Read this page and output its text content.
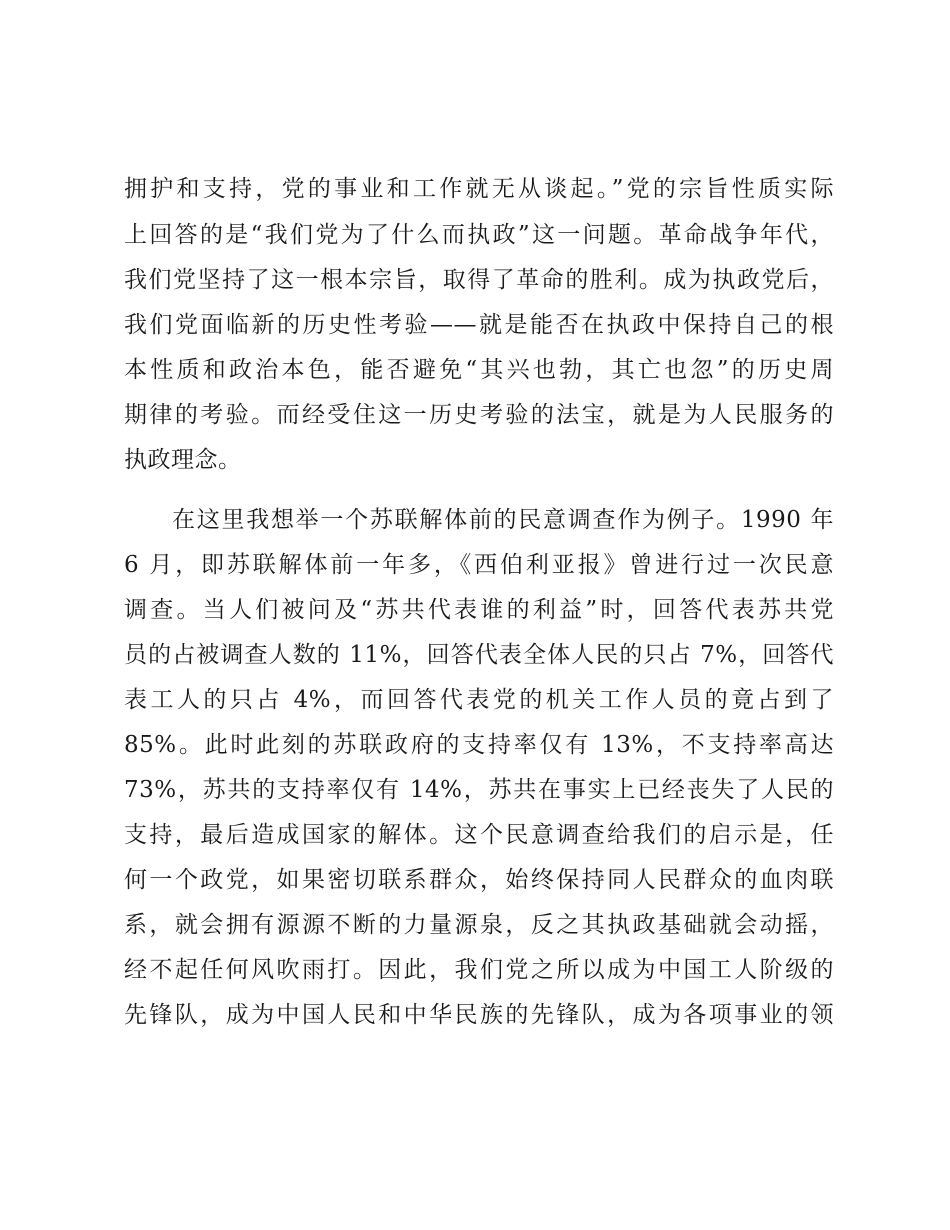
拥护和支持，党的事业和工作就无从谈起。”党的宗旨性质实际
上回答的是“我们党为了什么而执政”这一问题。革命战争年代，
我们党坚持了这一根本宗旨，取得了革命的胜利。成为执政党后，
我们党面临新的历史性考验——就是能否在执政中保持自己的根
本性质和政治本色，能否避免“其兴也勃，其亡也忽”的历史周
期律的考验。而经受住这一历史考验的法宝，就是为人民服务的
执政理念。
在这里我想举一个苏联解体前的民意调查作为例子。1990 年
6 月，即苏联解体前一年多，《西伯利亚报》曾进行过一次民意
调查。当人们被问及“苏共代表谁的利益”时，回答代表苏共党
员的占被调查人数的 11%，回答代表全体人民的只占 7%，回答代
表工人的只占 4%，而回答代表党的机关工作人员的竟占到了
85%。此时此刻的苏联政府的支持率仅有 13%，不支持率高达
73%，苏共的支持率仅有 14%，苏共在事实上已经丧失了人民的
支持，最后造成国家的解体。这个民意调查给我们的启示是，任
何一个政党，如果密切联系群众，始终保持同人民群众的血肉联
系，就会拥有源源不断的力量源泉，反之其执政基础就会动摇，
经不起任何风吹雨打。因此，我们党之所以成为中国工人阶级的
先锋队，成为中国人民和中华民族的先锋队，成为各项事业的领
